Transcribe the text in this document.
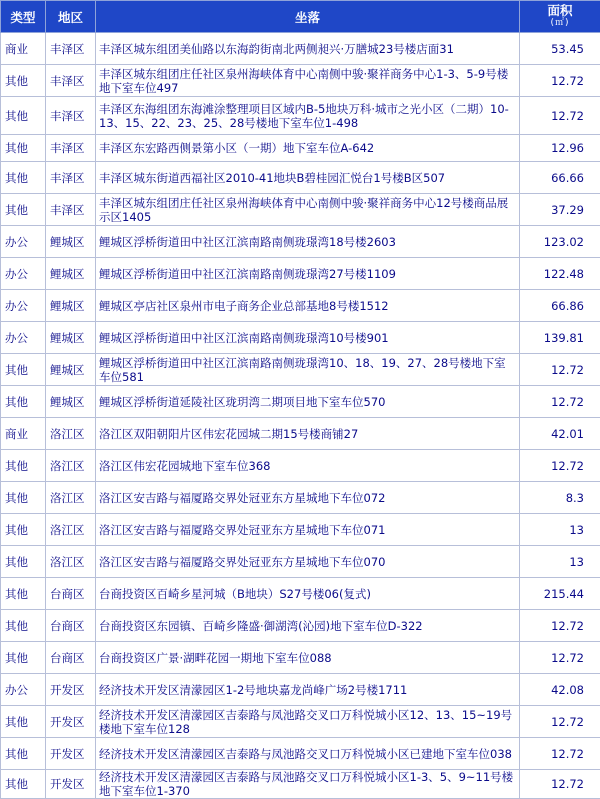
类型	地区	坐落	面积
(㎡)

商业	丰泽区	丰泽区城东组团美仙路以东海韵街南北两侧昶兴·万膳城23号楼店面31	53.45
其他	丰泽区	丰泽区城东组团庄任社区泉州海峡体育中心南侧中骏·聚祥商务中心1-3、5-9号楼地下室车位497	12.72
其他	丰泽区	丰泽区东海组团东海滩涂整理项目区域内B-5地块万科·城市之光小区（二期）10-13、15、22、23、25、28号楼地下室车位1-498	12.72
其他	丰泽区	丰泽区东宏路西侧景第小区（一期）地下室车位A-642	12.96
其他	丰泽区	丰泽区城东街道西福社区2010-41地块B碧桂园汇悦台1号楼B区507	66.66
其他	丰泽区	丰泽区城东组团庄任社区泉州海峡体育中心南侧中骏·聚祥商务中心12号楼商品展示区1405	37.29
办公	鲤城区	鲤城区浮桥街道田中社区江滨南路南侧珑璟湾18号楼2603	123.02
办公	鲤城区	鲤城区浮桥街道田中社区江滨南路南侧珑璟湾27号楼1109	122.48
办公	鲤城区	鲤城区亭店社区泉州市电子商务企业总部基地8号楼1512	66.86
办公	鲤城区	鲤城区浮桥街道田中社区江滨南路南侧珑璟湾10号楼901	139.81
其他	鲤城区	鲤城区浮桥街道田中社区江滨南路南侧珑璟湾10、18、19、27、28号楼地下室车位581	12.72
其他	鲤城区	鲤城区浮桥街道延陵社区珑玥湾二期项目地下室车位570	12.72
商业	洛江区	洛江区双阳朝阳片区伟宏花园城二期15号楼商铺27	42.01
其他	洛江区	洛江区伟宏花园城地下室车位368	12.72
其他	洛江区	洛江区安吉路与福厦路交界处冠亚东方星城地下车位072	8.3
其他	洛江区	洛江区安吉路与福厦路交界处冠亚东方星城地下车位071	13
其他	洛江区	洛江区安吉路与福厦路交界处冠亚东方星城地下车位070	13
其他	台商区	台商投资区百崎乡星河城（B地块）S27号楼06(复式)	215.44
其他	台商区	台商投资区东园镇、百崎乡隆盛·御湖湾(沁园)地下室车位D-322	12.72
其他	台商区	台商投资区广景·湖畔花园一期地下室车位088	12.72
办公	开发区	经济技术开发区清濛园区1-2号地块嘉龙尚峰广场2号楼1711	42.08
其他	开发区	经济技术开发区清濛园区吉泰路与凤池路交叉口万科悦城小区12、13、15~19号楼地下室车位128	12.72
其他	开发区	经济技术开发区清濛园区吉泰路与凤池路交叉口万科悦城小区已建地下室车位038	12.72
其他	开发区	经济技术开发区清濛园区吉泰路与凤池路交叉口万科悦城小区1-3、5、9~11号楼地下室车位1-370	12.72
